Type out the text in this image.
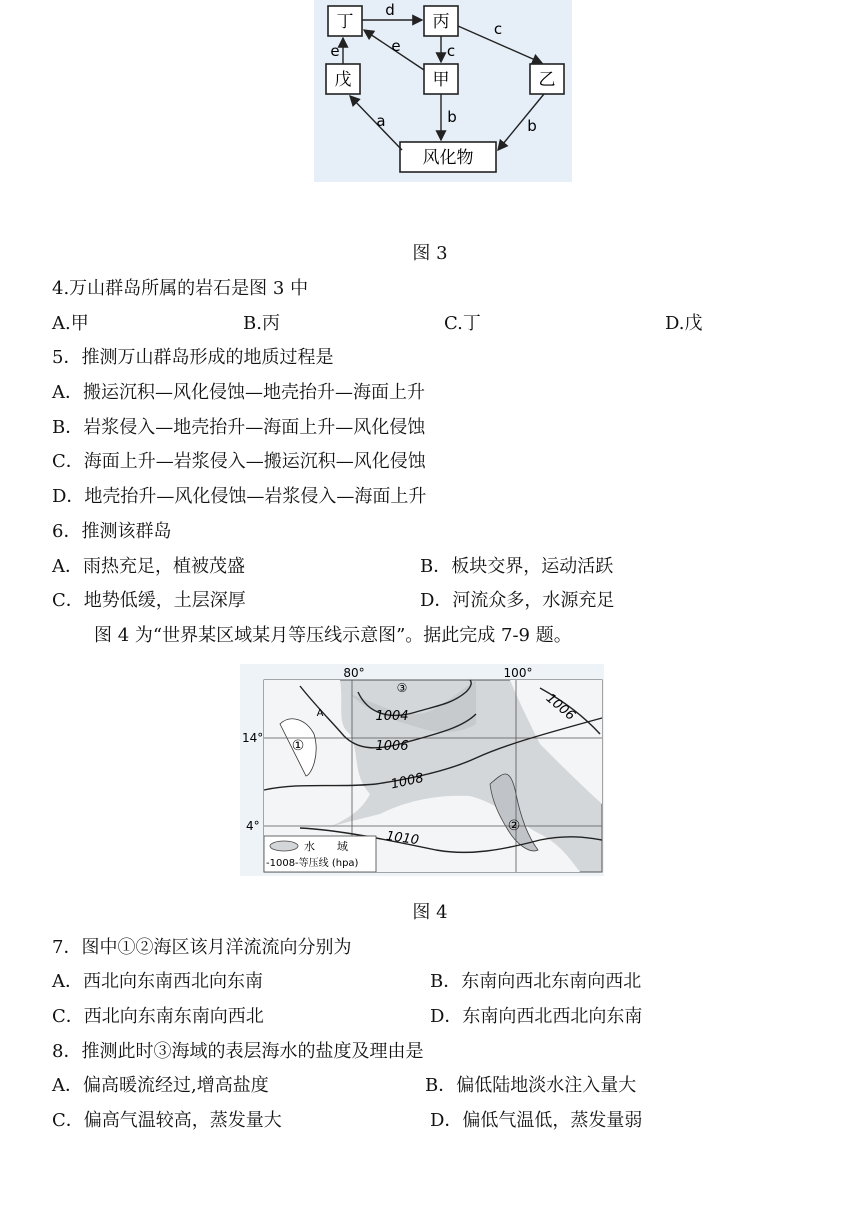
丁	丙
戊	甲	乙
风化物
d
c
c
e	e
a	b	b
图 3
4.万山群岛所属的岩石是图 3 中
A.甲	B.丙	C.丁	D.戊
5．推测万山群岛形成的地质过程是
A．搬运沉积—风化侵蚀—地壳抬升—海面上升
B．岩浆侵入—地壳抬升—海面上升—风化侵蚀
C．海面上升—岩浆侵入—搬运沉积—风化侵蚀
D．地壳抬升—风化侵蚀—岩浆侵入—海面上升
6．推测该群岛
A．雨热充足，植被茂盛	B．板块交界，运动活跃
C．地势低缓，土层深厚	D．河流众多，水源充足
图 4 为“世界某区域某月等压线示意图”。据此完成 7-9 题。
1004
1006
1006
1008
1010
80°	100°
14°
4°
①
②
③
A
水　　域
-1008-等压线 (hpa)
图 4
7．图中①②海区该月洋流流向分别为
A．西北向东南西北向东南	B．东南向西北东南向西北
C．西北向东南东南向西北	D．东南向西北西北向东南
8．推测此时③海域的表层海水的盐度及理由是
A．偏高暖流经过,增高盐度	B．偏低陆地淡水注入量大
C．偏高气温较高，蒸发量大	D．偏低气温低，蒸发量弱
